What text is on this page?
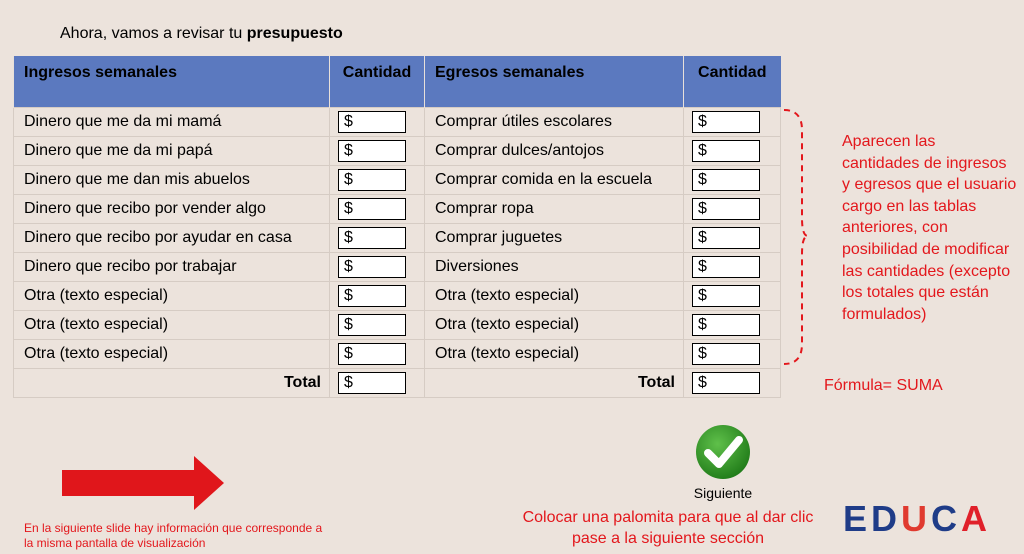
Ahora, vamos a revisar tu presupuesto
Ingresos semanales	Cantidad	Egresos semanales	Cantidad
Dinero que me da mi mamá	$	Comprar útiles escolares	$
Dinero que me da mi papá	$	Comprar dulces/antojos	$
Dinero que me dan mis abuelos	$	Comprar comida en la escuela	$
Dinero que recibo por vender algo	$	Comprar ropa	$
Dinero que recibo por ayudar en casa	$	Comprar juguetes	$
Dinero que recibo por trabajar	$	Diversiones	$
Otra (texto especial)	$	Otra (texto especial)	$
Otra (texto especial)	$	Otra (texto especial)	$
Otra (texto especial)	$	Otra (texto especial)	$
Total	$	Total	$
Aparecen las cantidades de ingresos y egresos que el usuario cargo en las tablas anteriores, con posibilidad de modificar las cantidades (excepto los totales que están formulados)
Fórmula= SUMA
En la siguiente slide hay información que corresponde a la misma pantalla de visualización
Siguiente
Colocar una palomita para que al dar clic pase a la siguiente sección	EDUCA
